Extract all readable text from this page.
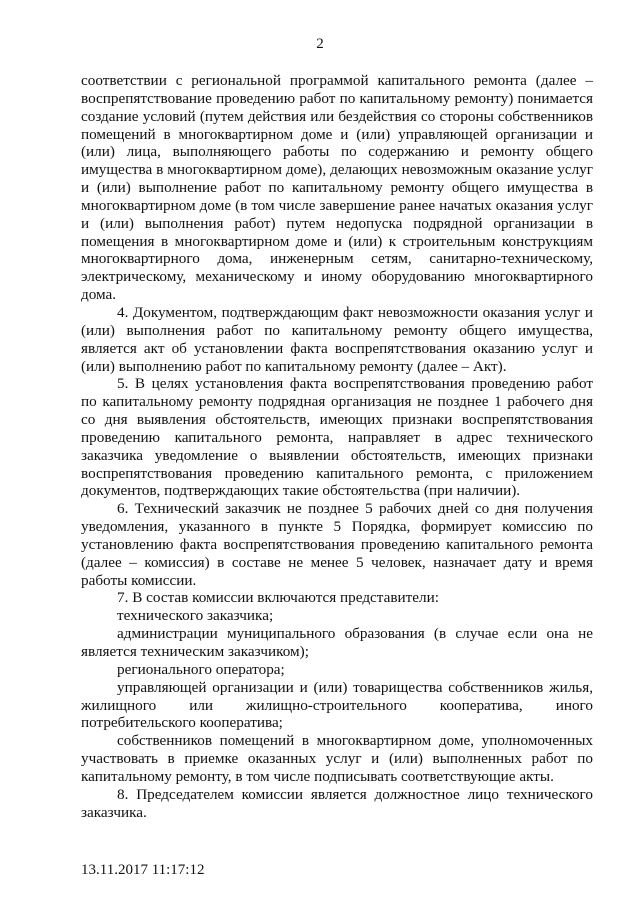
2

соответствии с региональной программой капитального ремонта (далее – воспрепятствование проведению работ по капитальному ремонту) понимается создание условий (путем действия или бездействия со стороны собственников помещений в многоквартирном доме и (или) управляющей организации и (или) лица, выполняющего работы по содержанию и ремонту общего имущества в многоквартирном доме), делающих невозможным оказание услуг и (или) выполнение работ по капитальному ремонту общего имущества в многоквартирном доме (в том числе завершение ранее начатых оказания услуг и (или) выполнения работ) путем недопуска подрядной организации в помещения в многоквартирном доме и (или) к строительным конструкциям многоквартирного дома, инженерным сетям, санитарно-техническому, электрическому, механическому и иному оборудованию многоквартирного дома.

4. Документом, подтверждающим факт невозможности оказания услуг и (или) выполнения работ по капитальному ремонту общего имущества, является акт об установлении факта воспрепятствования оказанию услуг и (или) выполнению работ по капитальному ремонту (далее – Акт).

5. В целях установления факта воспрепятствования проведению работ по капитальному ремонту подрядная организация не позднее 1 рабочего дня со дня выявления обстоятельств, имеющих признаки воспрепятствования проведению капитального ремонта, направляет в адрес технического заказчика уведомление о выявлении обстоятельств, имеющих признаки воспрепятствования проведению капитального ремонта, с приложением документов, подтверждающих такие обстоятельства (при наличии).

6. Технический заказчик не позднее 5 рабочих дней со дня получения уведомления, указанного в пункте 5 Порядка, формирует комиссию по установлению факта воспрепятствования проведению капитального ремонта (далее – комиссия) в составе не менее 5 человек, назначает дату и время работы комиссии.

7. В состав комиссии включаются представители:

технического заказчика;

администрации муниципального образования (в случае если она не является техническим заказчиком);

регионального оператора;

управляющей организации и (или) товарищества собственников жилья, жилищного или жилищно-строительного кооператива, иного потребительского кооператива;

собственников помещений в многоквартирном доме, уполномоченных участвовать в приемке оказанных услуг и (или) выполненных работ по капитальному ремонту, в том числе подписывать соответствующие акты.

8. Председателем комиссии является должностное лицо технического заказчика.

13.11.2017 11:17:12
